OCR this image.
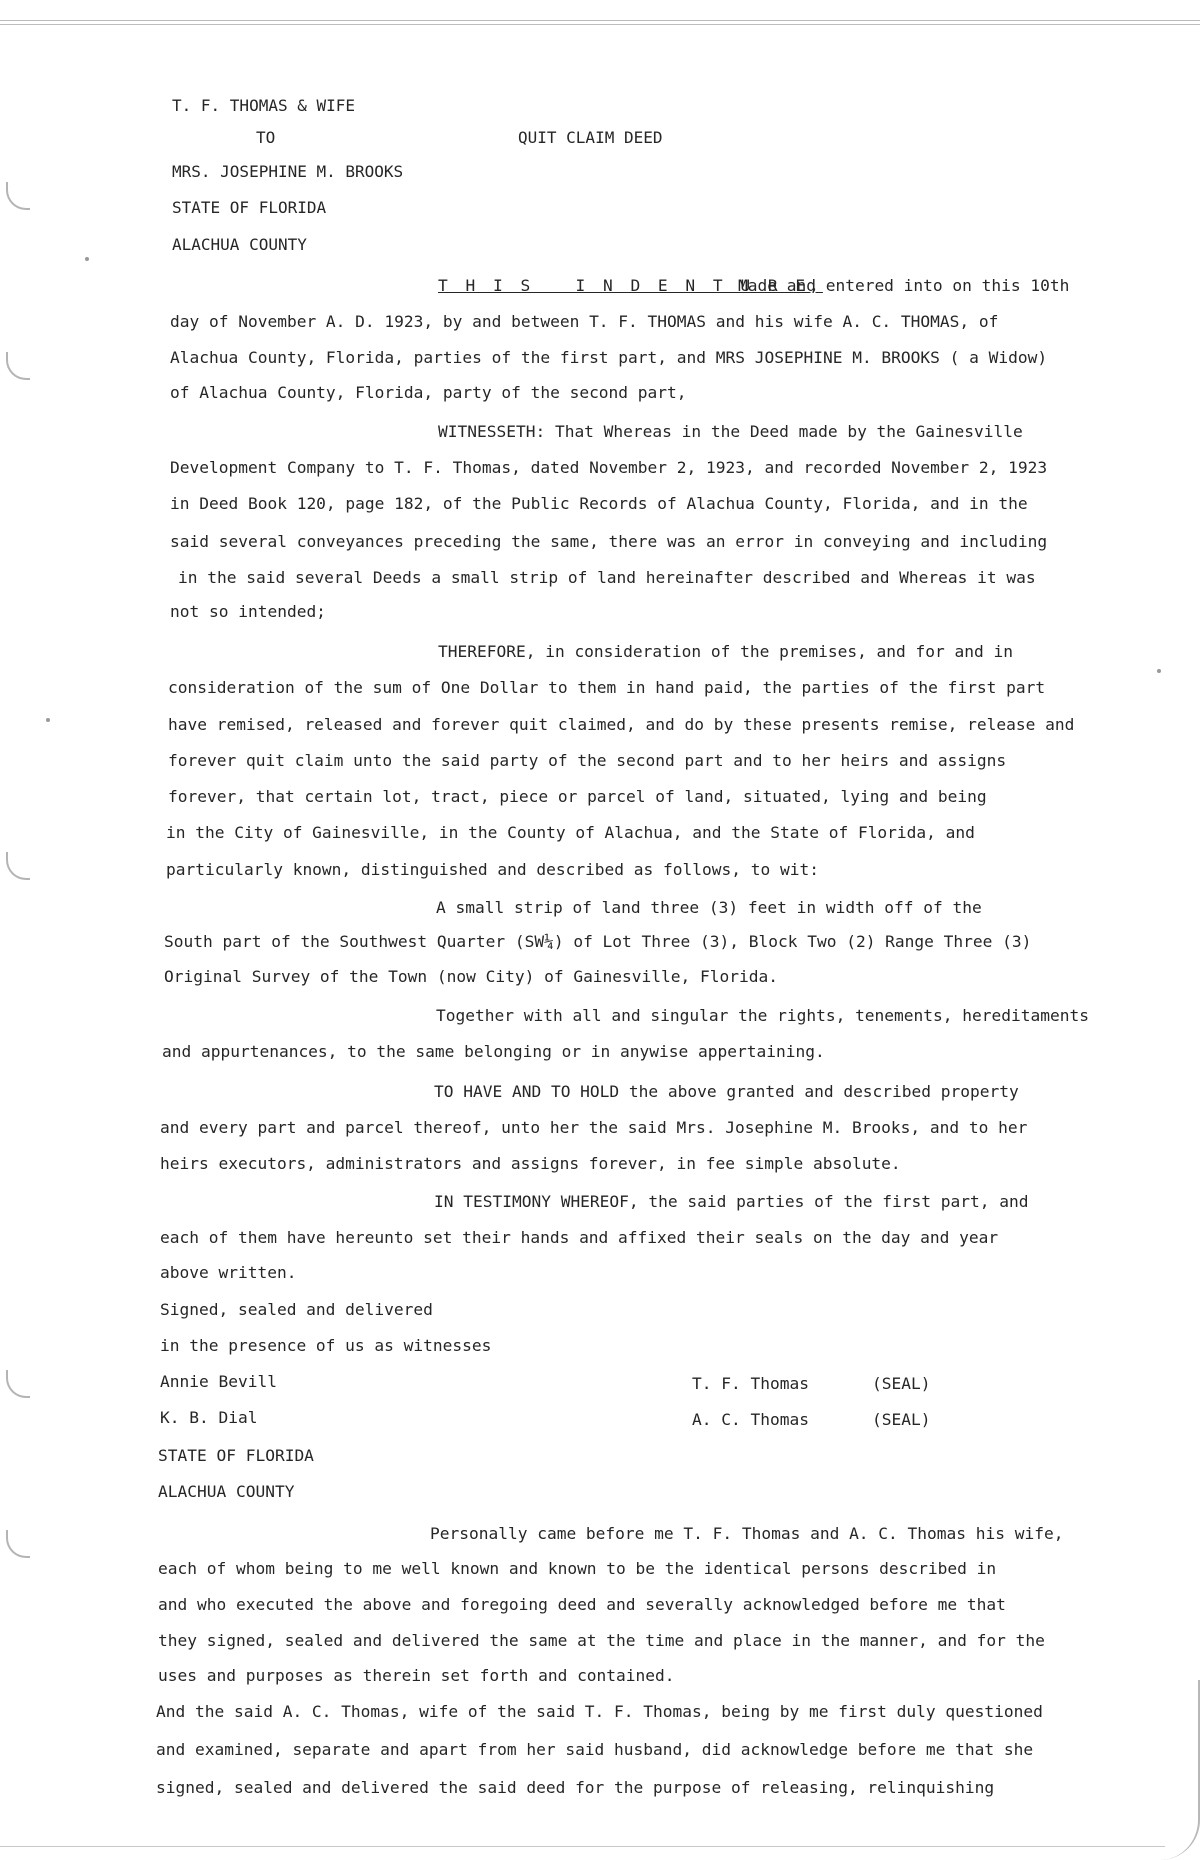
T. F. THOMAS & WIFE
TO	QUIT CLAIM DEED
MRS. JOSEPHINE M. BROOKS
STATE OF FLORIDA
ALACHUA COUNTY
T H I S   I N D E N T U R E,
Made and entered into on this 10th
day of November A. D. 1923, by and between T. F. THOMAS and his wife A. C. THOMAS, of
Alachua County, Florida, parties of the first part, and MRS JOSEPHINE M. BROOKS ( a Widow)
of Alachua County, Florida, party of the second part,
WITNESSETH: That Whereas in the Deed made by the Gainesville
Development Company to T. F. Thomas, dated November 2, 1923, and recorded November 2, 1923
in Deed Book 120, page 182, of the Public Records of Alachua County, Florida, and in the
said several conveyances preceding the same, there was an error in conveying and including
in the said several Deeds a small strip of land hereinafter described and Whereas it was
not so intended;
THEREFORE, in consideration of the premises, and for and in
consideration of the sum of One Dollar to them in hand paid, the parties of the first part
have remised, released and forever quit claimed, and do by these presents remise, release and
forever quit claim unto the said party of the second part and to her heirs and assigns
forever, that certain lot, tract, piece or parcel of land, situated, lying and being
in the City of Gainesville, in the County of Alachua, and the State of Florida, and
particularly known, distinguished and described as follows, to wit:
A small strip of land three (3) feet in width off of the
South part of the Southwest Quarter (SW¼) of Lot Three (3), Block Two (2) Range Three (3)
Original Survey of the Town (now City) of Gainesville, Florida.
Together with all and singular the rights, tenements, hereditaments
and appurtenances, to the same belonging or in anywise appertaining.
TO HAVE AND TO HOLD the above granted and described property
and every part and parcel thereof, unto her the said Mrs. Josephine M. Brooks, and to her
heirs executors, administrators and assigns forever, in fee simple absolute.
IN TESTIMONY WHEREOF, the said parties of the first part, and
each of them have hereunto set their hands and affixed their seals on the day and year
above written.
Signed, sealed and delivered
in the presence of us as witnesses
Annie Bevill	T. F. Thomas	(SEAL)
K. B. Dial	A. C. Thomas	(SEAL)
STATE OF FLORIDA
ALACHUA COUNTY
Personally came before me T. F. Thomas and A. C. Thomas his wife,
each of whom being to me well known and known to be the identical persons described in
and who executed the above and foregoing deed and severally acknowledged before me that
they signed, sealed and delivered the same at the time and place in the manner, and for the
uses and purposes as therein set forth and contained.
And the said A. C. Thomas, wife of the said T. F. Thomas, being by me first duly questioned
and examined, separate and apart from her said husband, did acknowledge before me that she
signed, sealed and delivered the said deed for the purpose of releasing, relinquishing
